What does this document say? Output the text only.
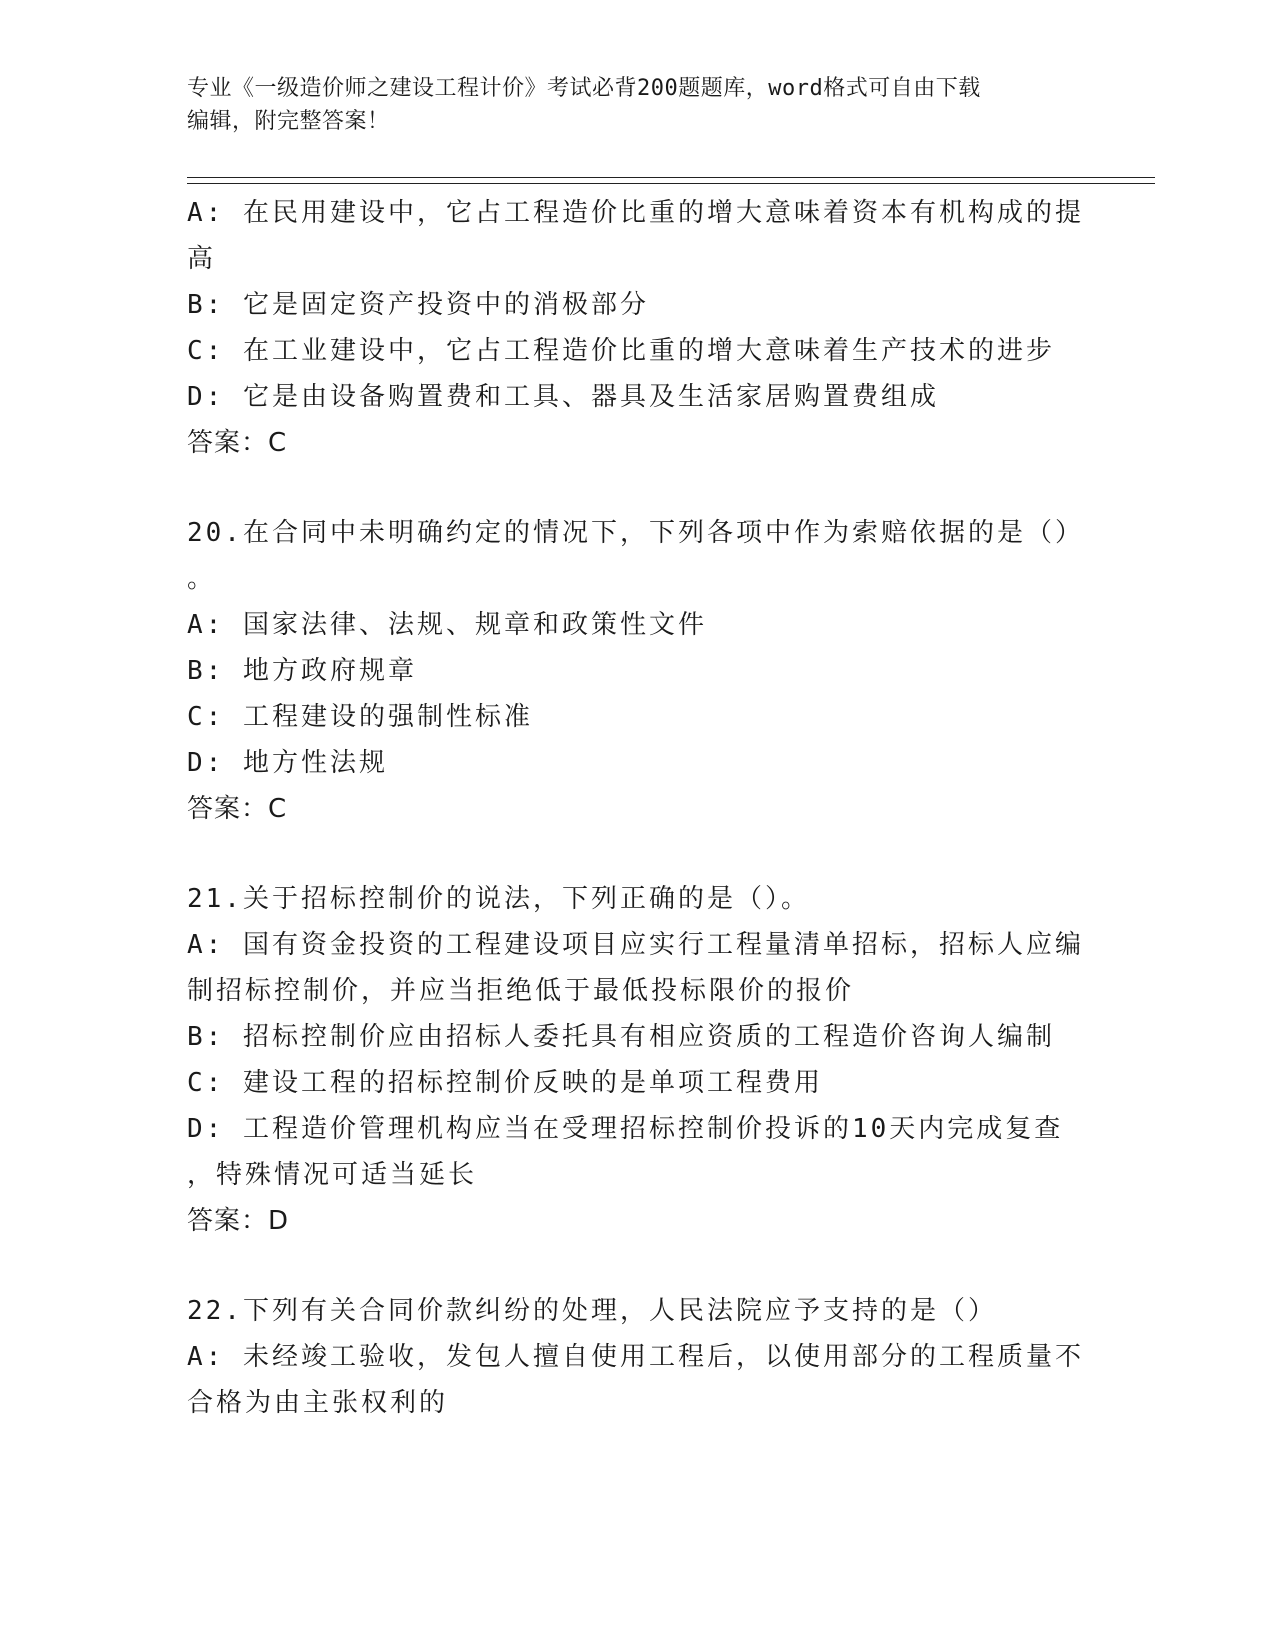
专业《一级造价师之建设工程计价》考试必背200题题库，word格式可自由下载
编辑，附完整答案！
A: 在民用建设中，它占工程造价比重的增大意味着资本有机构成的提
高
B: 它是固定资产投资中的消极部分
C: 在工业建设中，它占工程造价比重的增大意味着生产技术的进步
D: 它是由设备购置费和工具、器具及生活家居购置费组成
答案：C
20.在合同中未明确约定的情况下，下列各项中作为索赔依据的是（）
。
A: 国家法律、法规、规章和政策性文件
B: 地方政府规章
C: 工程建设的强制性标准
D: 地方性法规
答案：C
21.关于招标控制价的说法，下列正确的是（）。
A: 国有资金投资的工程建设项目应实行工程量清单招标，招标人应编
制招标控制价，并应当拒绝低于最低投标限价的报价
B: 招标控制价应由招标人委托具有相应资质的工程造价咨询人编制
C: 建设工程的招标控制价反映的是单项工程费用
D: 工程造价管理机构应当在受理招标控制价投诉的10天内完成复查
，特殊情况可适当延长
答案：D
22.下列有关合同价款纠纷的处理，人民法院应予支持的是（）
A: 未经竣工验收，发包人擅自使用工程后，以使用部分的工程质量不
合格为由主张权利的
